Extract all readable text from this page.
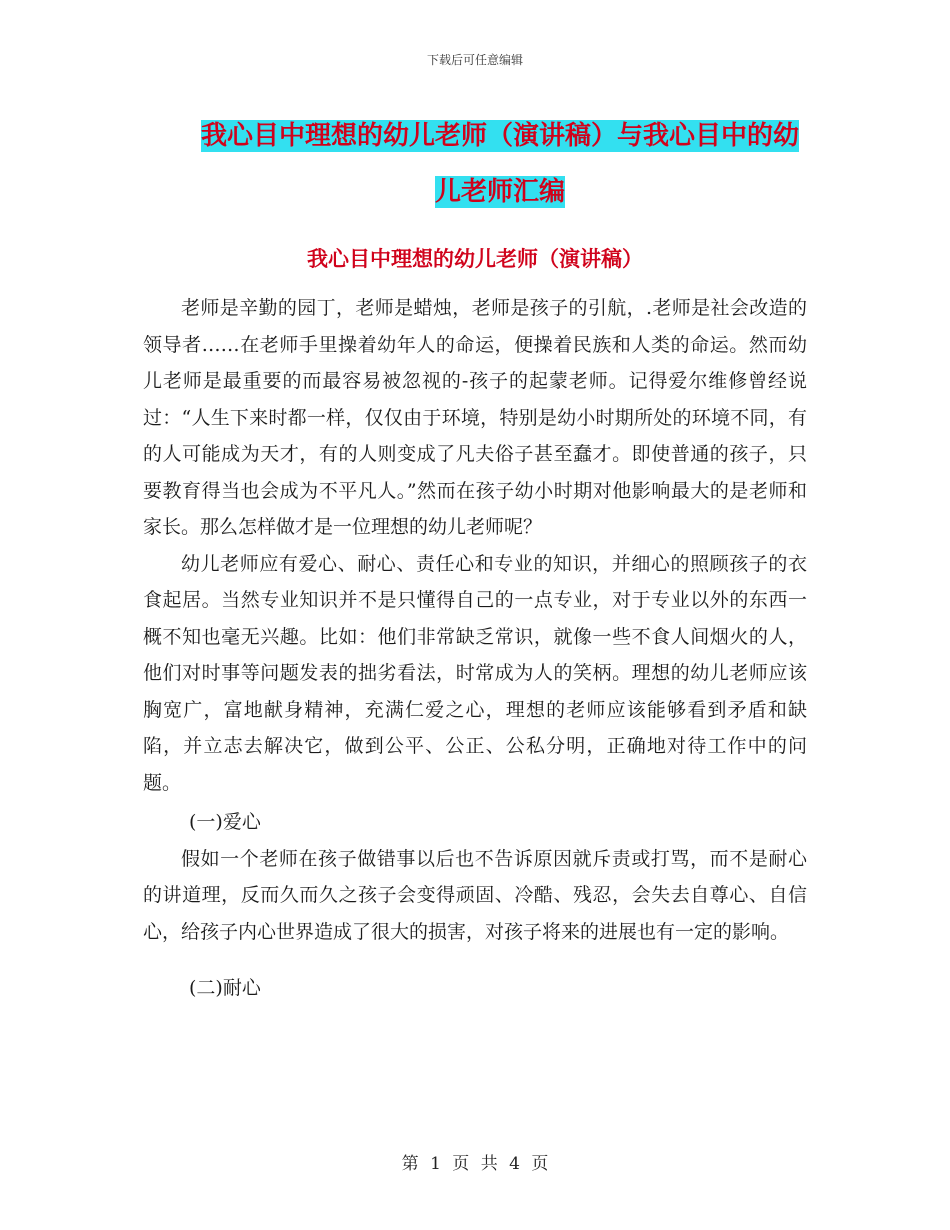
下载后可任意编辑
我心目中理想的幼儿老师（演讲稿）与我心目中的幼
儿老师汇编
我心目中理想的幼儿老师（演讲稿）

老师是辛勤的园丁，老师是蜡烛，老师是孩子的引航，.老师是社会改造的领导者……在老师手里操着幼年人的命运，便操着民族和人类的命运。然而幼儿老师是最重要的而最容易被忽视的-孩子的起蒙老师。记得爱尔维修曾经说过：“人生下来时都一样，仅仅由于环境，特别是幼小时期所处的环境不同，有的人可能成为天才，有的人则变成了凡夫俗子甚至蠢才。即使普通的孩子，只要教育得当也会成为不平凡人。”然而在孩子幼小时期对他影响最大的是老师和家长。那么怎样做才是一位理想的幼儿老师呢？

幼儿老师应有爱心、耐心、责任心和专业的知识，并细心的照顾孩子的衣食起居。当然专业知识并不是只懂得自己的一点专业，对于专业以外的东西一概不知也毫无兴趣。比如：他们非常缺乏常识，就像一些不食人间烟火的人，他们对时事等问题发表的拙劣看法，时常成为人的笑柄。理想的幼儿老师应该胸宽广，富地献身精神，充满仁爱之心，理想的老师应该能够看到矛盾和缺陷，并立志去解决它，做到公平、公正、公私分明，正确地对待工作中的问题。

(一)爱心

假如一个老师在孩子做错事以后也不告诉原因就斥责或打骂，而不是耐心的讲道理，反而久而久之孩子会变得顽固、冷酷、残忍，会失去自尊心、自信心，给孩子内心世界造成了很大的损害，对孩子将来的进展也有一定的影响。

(二)耐心

第 1 页 共 4 页
